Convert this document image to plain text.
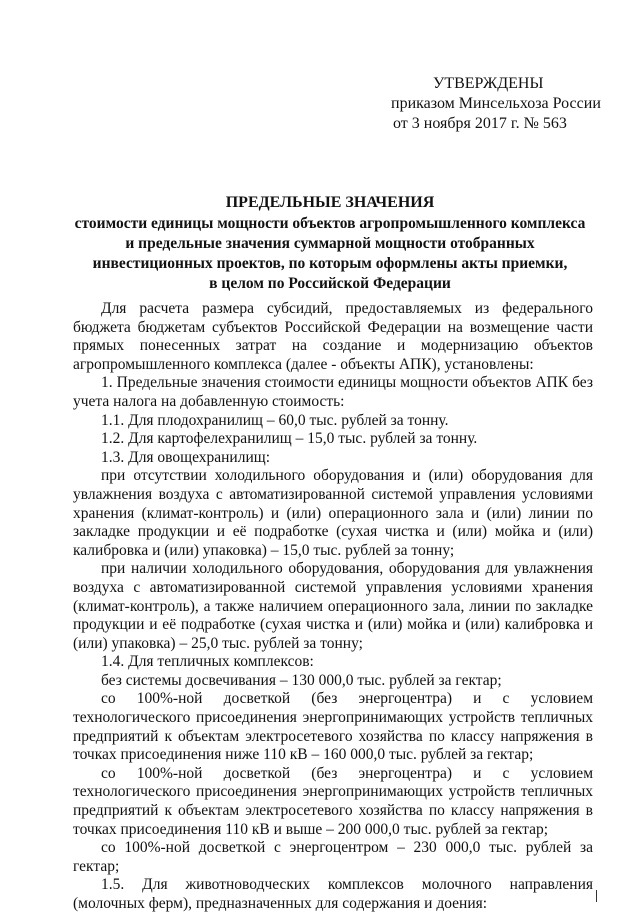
УТВЕРЖДЕНЫ
приказом Минсельхоза России
от 3 ноября 2017 г. № 563
ПРЕДЕЛЬНЫЕ ЗНАЧЕНИЯ
стоимости единицы мощности объектов агропромышленного комплекса
и предельные значения суммарной мощности отобранных
инвестиционных проектов, по которым оформлены акты приемки,
в целом по Российской Федерации

Для расчета размера субсидий, предоставляемых из федерального бюджета бюджетам субъектов Российской Федерации на возмещение части прямых понесенных затрат на создание и модернизацию объектов агропромышленного комплекса (далее - объекты АПК), установлены:

1. Предельные значения стоимости единицы мощности объектов АПК без учета налога на добавленную стоимость:

1.1. Для плодохранилищ – 60,0 тыс. рублей за тонну.

1.2. Для картофелехранилищ – 15,0 тыс. рублей за тонну.

1.3. Для овощехранилищ:

при отсутствии холодильного оборудования и (или) оборудования для увлажнения воздуха с автоматизированной системой управления условиями хранения (климат-контроль) и (или) операционного зала и (или) линии по закладке продукции и её подработке (сухая чистка и (или) мойка и (или) калибровка и (или) упаковка) – 15,0 тыс. рублей за тонну;

при наличии холодильного оборудования, оборудования для увлажнения воздуха с автоматизированной системой управления условиями хранения (климат-контроль), а также наличием операционного зала, линии по закладке продукции и её подработке (сухая чистка и (или) мойка и (или) калибровка и (или) упаковка) – 25,0 тыс. рублей за тонну;

1.4. Для тепличных комплексов:

без системы досвечивания – 130 000,0 тыс. рублей за гектар;

со 100%-ной досветкой (без энергоцентра) и с условием технологического присоединения энергопринимающих устройств тепличных предприятий к объектам электросетевого хозяйства по классу напряжения в точках присоединения ниже 110 кВ – 160 000,0 тыс. рублей за гектар;

со 100%-ной досветкой (без энергоцентра) и с условием технологического присоединения энергопринимающих устройств тепличных предприятий к объектам электросетевого хозяйства по классу напряжения в точках присоединения 110 кВ и выше – 200 000,0 тыс. рублей за гектар;

со 100%-ной досветкой с энергоцентром – 230 000,0 тыс. рублей за гектар;

1.5. Для животноводческих комплексов молочного направления (молочных ферм), предназначенных для содержания и доения:
